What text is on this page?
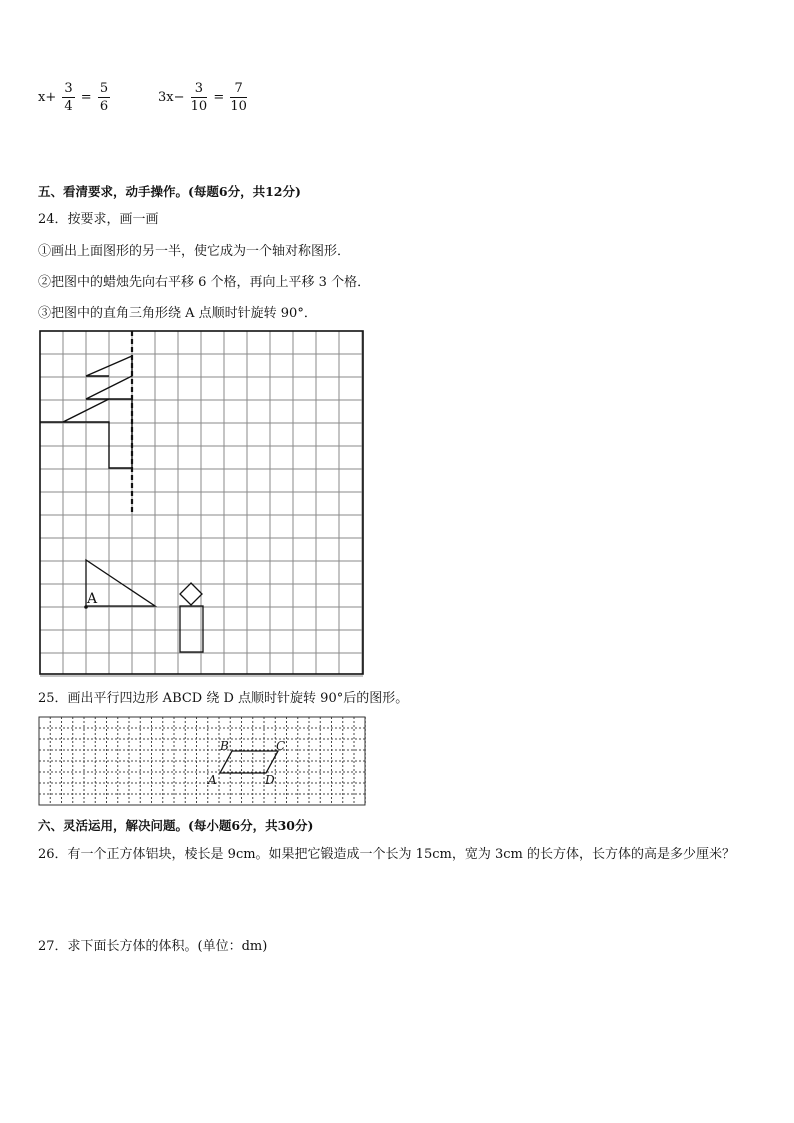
$x+ \frac{3}{4} = \frac{5}{6}$	$3x- \frac{3}{10} = \frac{7}{10}$
五、看清要求，动手操作。(每题6分，共12分)
24．按要求，画一画
①画出上面图形的另一半，使它成为一个轴对称图形．
②把图中的蜡烛先向右平移 6 个格，再向上平移 3 个格．
③把图中的直角三角形绕 A 点顺时针旋转 90°．
A
25．画出平行四边形 ABCD 绕 D 点顺时针旋转 90°后的图形。
B	C
A	D
六、灵活运用，解决问题。(每小题6分，共30分)
26．有一个正方体铝块，棱长是 9cm。如果把它锻造成一个长为 15cm，宽为 3cm 的长方体，长方体的高是多少厘米？
27．求下面长方体的体积。(单位：dm)
